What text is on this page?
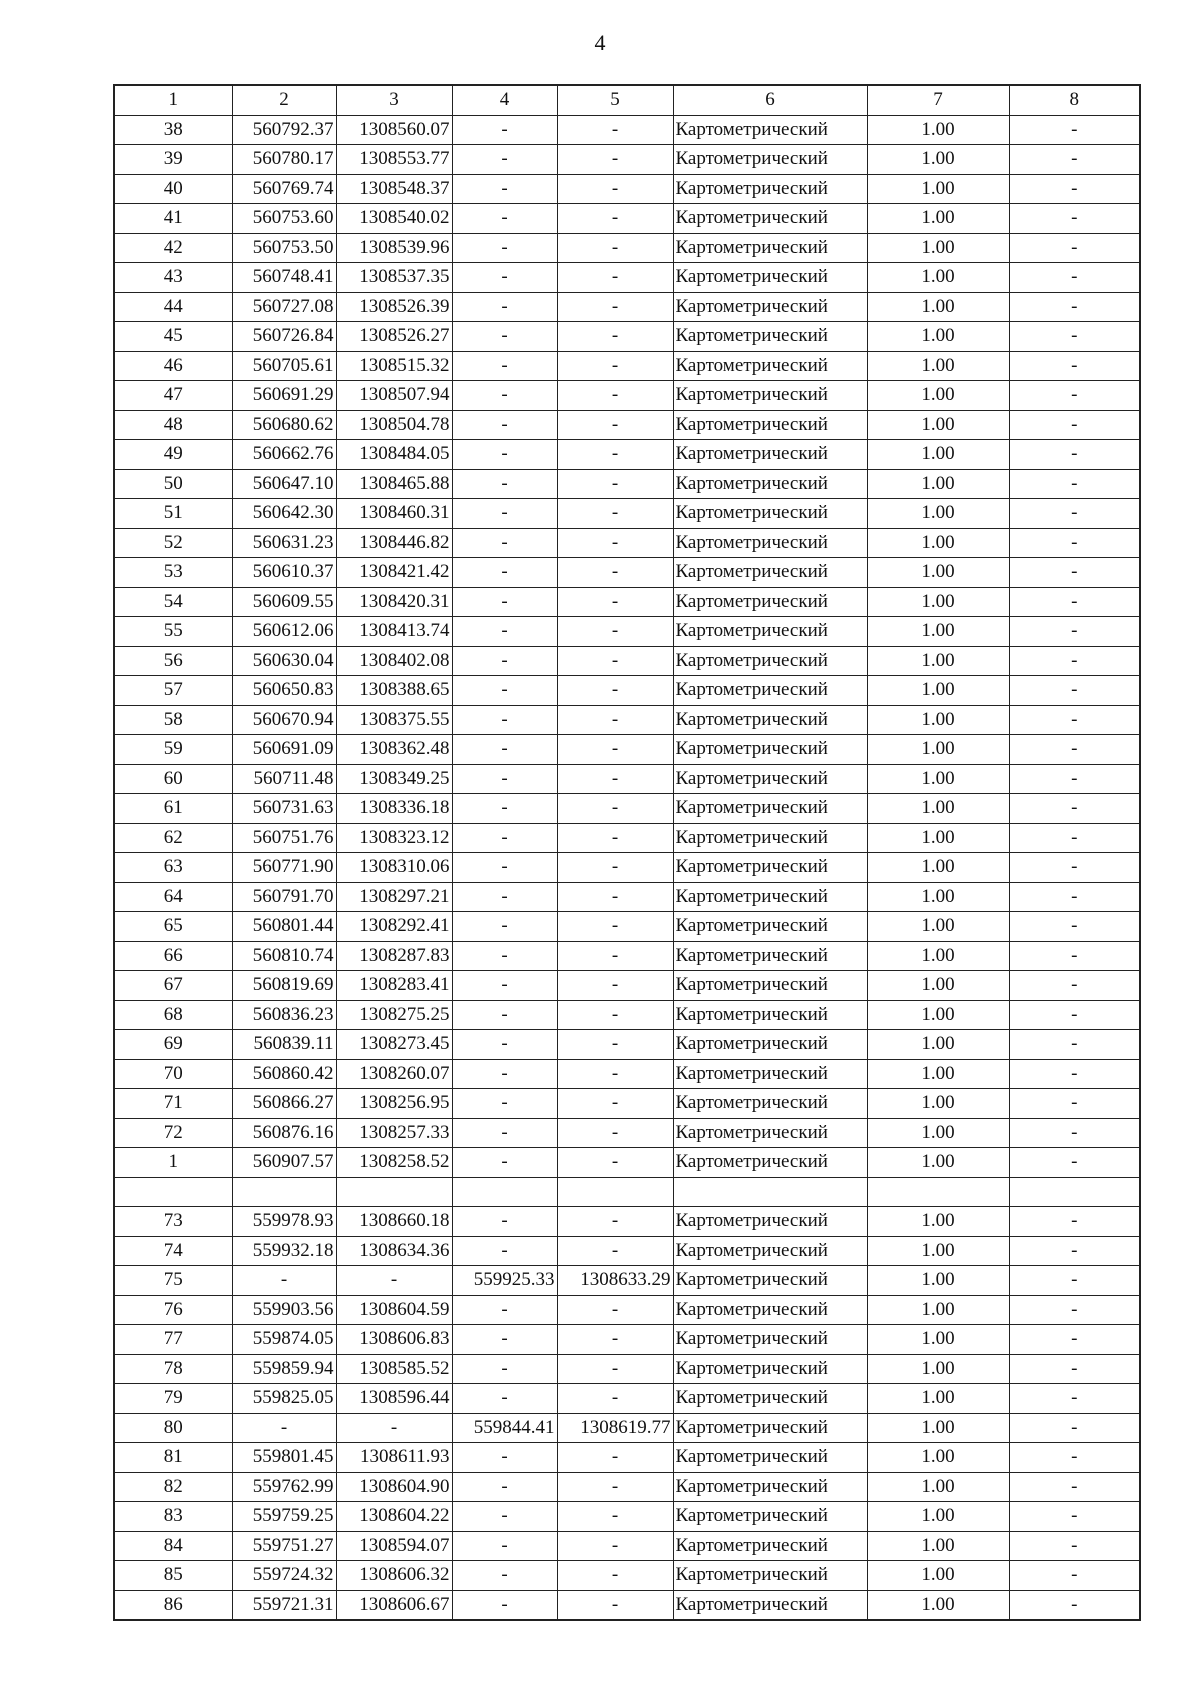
4
1	2	3	4	5	6	7	8
38	560792.37	1308560.07	-	-	Картометрический	1.00	-
39	560780.17	1308553.77	-	-	Картометрический	1.00	-
40	560769.74	1308548.37	-	-	Картометрический	1.00	-
41	560753.60	1308540.02	-	-	Картометрический	1.00	-
42	560753.50	1308539.96	-	-	Картометрический	1.00	-
43	560748.41	1308537.35	-	-	Картометрический	1.00	-
44	560727.08	1308526.39	-	-	Картометрический	1.00	-
45	560726.84	1308526.27	-	-	Картометрический	1.00	-
46	560705.61	1308515.32	-	-	Картометрический	1.00	-
47	560691.29	1308507.94	-	-	Картометрический	1.00	-
48	560680.62	1308504.78	-	-	Картометрический	1.00	-
49	560662.76	1308484.05	-	-	Картометрический	1.00	-
50	560647.10	1308465.88	-	-	Картометрический	1.00	-
51	560642.30	1308460.31	-	-	Картометрический	1.00	-
52	560631.23	1308446.82	-	-	Картометрический	1.00	-
53	560610.37	1308421.42	-	-	Картометрический	1.00	-
54	560609.55	1308420.31	-	-	Картометрический	1.00	-
55	560612.06	1308413.74	-	-	Картометрический	1.00	-
56	560630.04	1308402.08	-	-	Картометрический	1.00	-
57	560650.83	1308388.65	-	-	Картометрический	1.00	-
58	560670.94	1308375.55	-	-	Картометрический	1.00	-
59	560691.09	1308362.48	-	-	Картометрический	1.00	-
60	560711.48	1308349.25	-	-	Картометрический	1.00	-
61	560731.63	1308336.18	-	-	Картометрический	1.00	-
62	560751.76	1308323.12	-	-	Картометрический	1.00	-
63	560771.90	1308310.06	-	-	Картометрический	1.00	-
64	560791.70	1308297.21	-	-	Картометрический	1.00	-
65	560801.44	1308292.41	-	-	Картометрический	1.00	-
66	560810.74	1308287.83	-	-	Картометрический	1.00	-
67	560819.69	1308283.41	-	-	Картометрический	1.00	-
68	560836.23	1308275.25	-	-	Картометрический	1.00	-
69	560839.11	1308273.45	-	-	Картометрический	1.00	-
70	560860.42	1308260.07	-	-	Картометрический	1.00	-
71	560866.27	1308256.95	-	-	Картометрический	1.00	-
72	560876.16	1308257.33	-	-	Картометрический	1.00	-
1	560907.57	1308258.52	-	-	Картометрический	1.00	-

73	559978.93	1308660.18	-	-	Картометрический	1.00	-
74	559932.18	1308634.36	-	-	Картометрический	1.00	-
75	-	-	559925.33	1308633.29	Картометрический	1.00	-
76	559903.56	1308604.59	-	-	Картометрический	1.00	-
77	559874.05	1308606.83	-	-	Картометрический	1.00	-
78	559859.94	1308585.52	-	-	Картометрический	1.00	-
79	559825.05	1308596.44	-	-	Картометрический	1.00	-
80	-	-	559844.41	1308619.77	Картометрический	1.00	-
81	559801.45	1308611.93	-	-	Картометрический	1.00	-
82	559762.99	1308604.90	-	-	Картометрический	1.00	-
83	559759.25	1308604.22	-	-	Картометрический	1.00	-
84	559751.27	1308594.07	-	-	Картометрический	1.00	-
85	559724.32	1308606.32	-	-	Картометрический	1.00	-
86	559721.31	1308606.67	-	-	Картометрический	1.00	-
